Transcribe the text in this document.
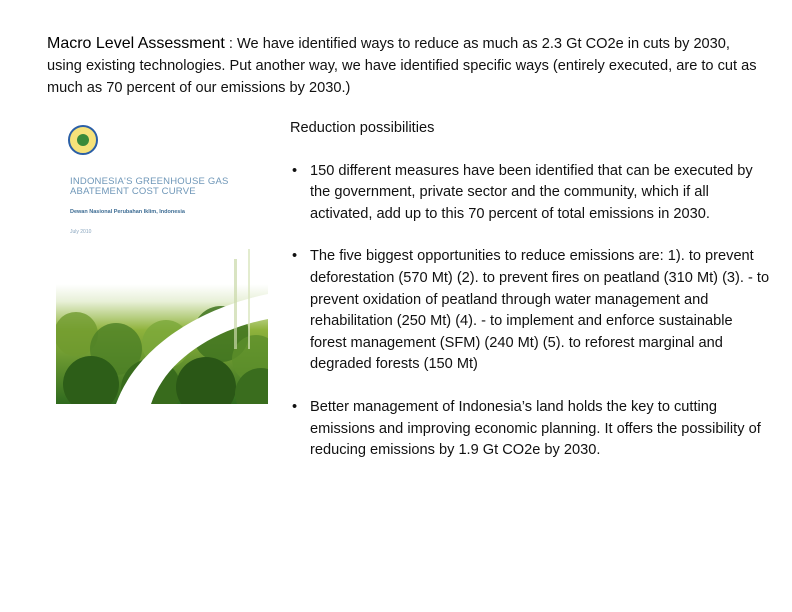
Macro Level Assessment : We have identified ways to reduce as much as 2.3 Gt CO2e in cuts by 2030, using existing technologies. Put another way, we have identified specific ways (entirely executed, are to cut as much as 70 percent of our emissions by 2030.)

INDONESIA'S GREENHOUSE GAS ABATEMENT COST CURVE
Dewan Nasional Perubahan Iklim, Indonesia
July 2010
Reduction possibilities
• 150 different measures have been identified that can be executed by the government, private sector and the community, which if all activated, add up to this 70 percent of total emissions in 2030.
• The five biggest opportunities to reduce emissions are: 1). to prevent deforestation (570 Mt) (2). to prevent fires on peatland (310 Mt) (3). - to prevent oxidation of peatland through water management and rehabilitation (250 Mt) (4). - to implement and enforce sustainable forest management (SFM) (240 Mt) (5). to reforest marginal and degraded forests (150 Mt)
• Better management of Indonesia’s land holds the key to cutting emissions and improving economic planning. It offers the possibility of reducing emissions by 1.9 Gt CO2e by 2030.
